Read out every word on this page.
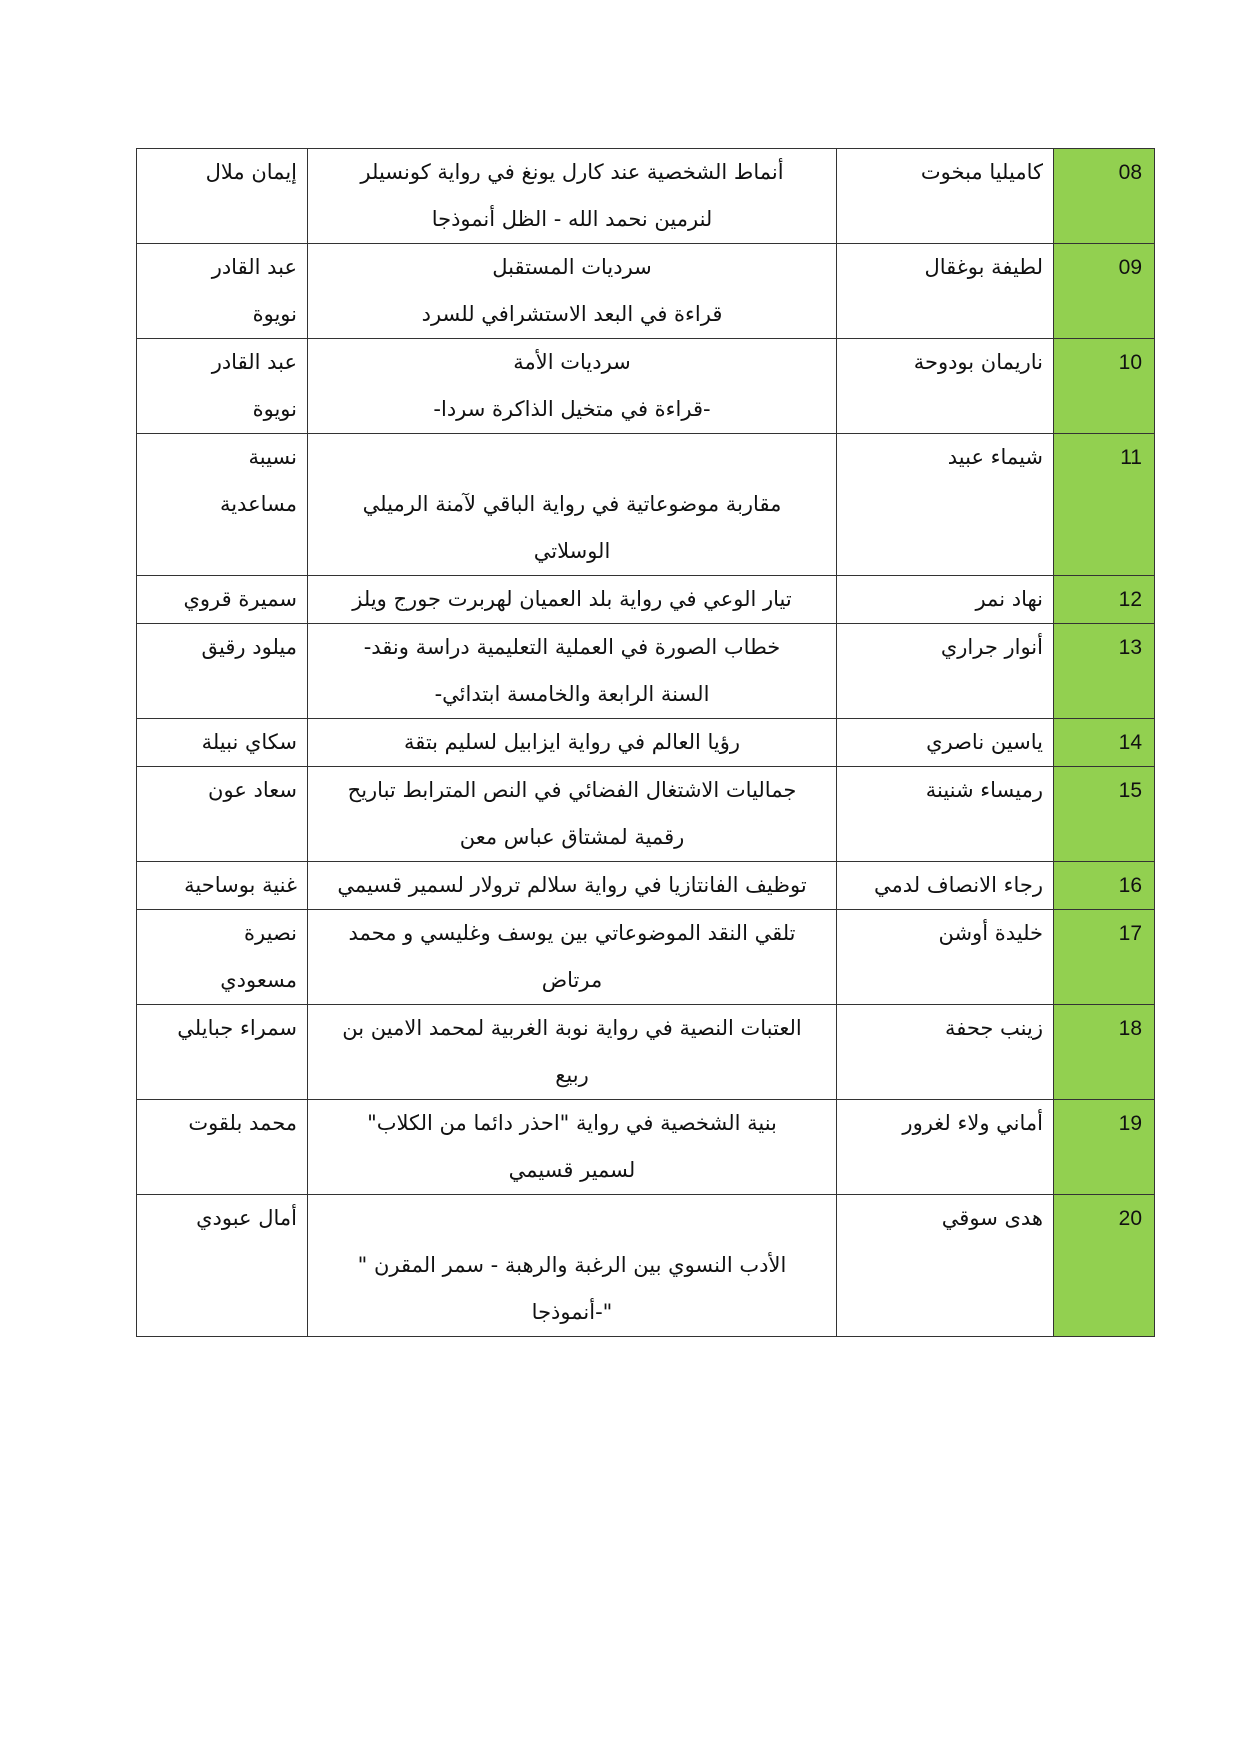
08	كاميليا مبخوت	أنماط الشخصية عند كارل يونغ في رواية كونسيلر
لنرمين نحمد الله - الظل أنموذجا	إيمان ملال

09	لطيفة بوغقال	سرديات المستقبل
قراءة في البعد الاستشرافي للسرد	عبد القادر
نويوة

10	ناريمان بودوحة	سرديات الأمة
-قراءة في متخيل الذاكرة سردا-	عبد القادر
نويوة

11	شيماء عبيد	مقاربة موضوعاتية في رواية الباقي لآمنة الرميلي
الوسلاتي	نسيبة
مساعدية

12	نهاد نمر	تيار الوعي في رواية بلد العميان لهربرت جورج ويلز	سميرة قروي

13	أنوار جراري	خطاب الصورة في العملية التعليمية دراسة ونقد-
السنة الرابعة والخامسة ابتدائي-	ميلود رقيق

14	ياسين ناصري	رؤيا العالم في رواية ايزابيل لسليم بتقة	سكاي نبيلة

15	رميساء شنينة	جماليات الاشتغال الفضائي في النص المترابط تباريح
رقمية لمشتاق عباس معن	سعاد عون

16	رجاء الانصاف لدمي	توظيف الفانتازيا في رواية سلالم ترولار لسمير قسيمي	غنية بوساحية

17	خليدة أوشن	تلقي النقد الموضوعاتي بين يوسف وغليسي و محمد
مرتاض	نصيرة
مسعودي

18	زينب جحفة	العتبات النصية في رواية نوبة الغربية لمحمد الامين بن
ربيع	سمراء جبايلي

19	أماني ولاء لغرور	بنية الشخصية في رواية "احذر دائما من الكلاب"
لسمير قسيمي	محمد بلقوت

20	هدى سوقي	الأدب النسوي بين الرغبة والرهبة - سمر المقرن "
"-أنموذجا	أمال عبودي
